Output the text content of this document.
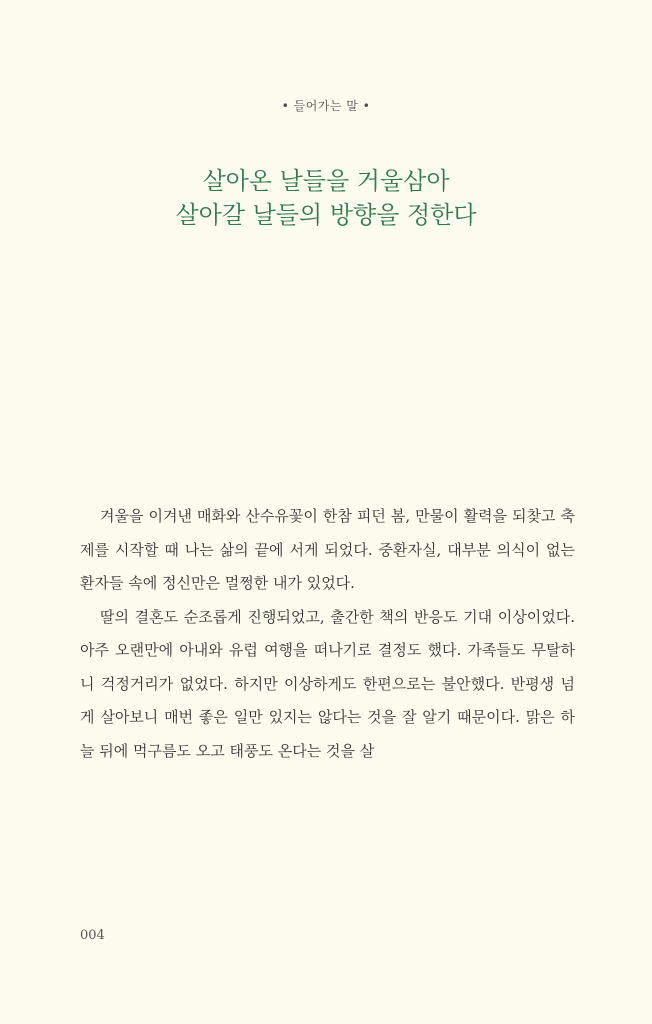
• 들어가는 말 •
살아온 날들을 거울삼아
살아갈 날들의 방향을 정한다

겨울을 이겨낸 매화와 산수유꽃이 한참 피던 봄, 만물이 활력을 되찾고 축제를 시작할 때 나는 삶의 끝에 서게 되었다. 중환자실, 대부분 의식이 없는 환자들 속에 정신만은 멀쩡한 내가 있었다.

딸의 결혼도 순조롭게 진행되었고, 출간한 책의 반응도 기대 이상이었다. 아주 오랜만에 아내와 유럽 여행을 떠나기로 결정도 했다. 가족들도 무탈하니 걱정거리가 없었다. 하지만 이상하게도 한편으로는 불안했다. 반평생 넘게 살아보니 매번 좋은 일만 있지는 않다는 것을 잘 알기 때문이다. 맑은 하늘 뒤에 먹구름도 오고 태풍도 온다는 것을 살

004
